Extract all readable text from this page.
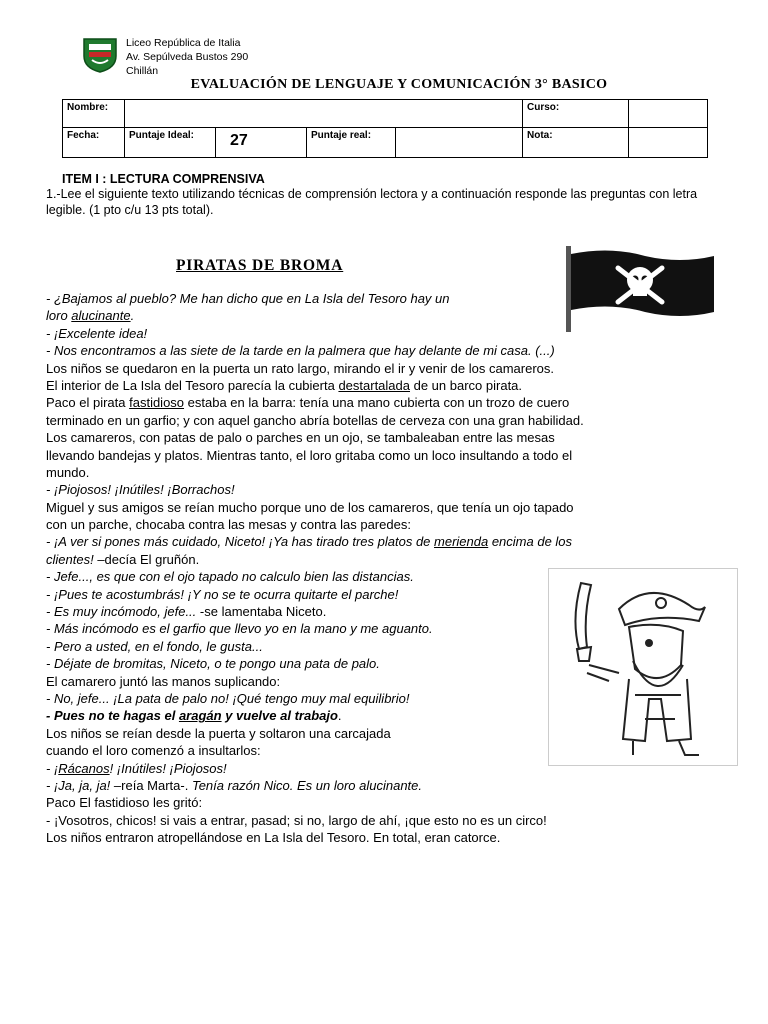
Liceo República de Italia
Av. Sepúlveda Bustos 290
Chillán
EVALUACIÓN DE LENGUAJE Y COMUNICACIÓN 3° BASICO
Nombre:					Curso:	
Fecha:	Puntaje Ideal:	27	Puntaje real:		Nota:	
ITEM I : LECTURA COMPRENSIVA
1.-Lee el siguiente texto utilizando técnicas de comprensión lectora y a continuación responde las preguntas con letra legible. (1 pto c/u 13 pts total).
PIRATAS DE BROMA
- ¿Bajamos al pueblo? Me han dicho que en La Isla del Tesoro hay un
loro alucinante.
- ¡Excelente idea!
- Nos encontramos a las siete de la tarde en la palmera que hay delante de mi casa. (...)
Los niños se quedaron en la puerta un rato largo, mirando el ir y venir de los camareros.
El interior de La Isla del Tesoro parecía la cubierta destartalada de un barco pirata.
Paco el pirata fastidioso estaba en la barra: tenía una mano cubierta con un trozo de cuero
terminado en un garfio; y con aquel gancho abría botellas de cerveza con una gran habilidad.
Los camareros, con patas de palo o parches en un ojo, se tambaleaban entre las mesas
llevando bandejas y platos. Mientras tanto, el loro gritaba como un loco insultando a todo el
mundo.
- ¡Piojosos! ¡Inútiles! ¡Borrachos!
Miguel y sus amigos se reían mucho porque uno de los camareros, que tenía un ojo tapado
con un parche, chocaba contra las mesas y contra las paredes:
- ¡A ver si pones más cuidado, Niceto! ¡Ya has tirado tres platos de merienda encima de los
clientes! –decía El gruñón.
- Jefe..., es que con el ojo tapado no calculo bien las distancias.
- ¡Pues te acostumbrás! ¡Y no se te ocurra quitarte el parche!
- Es muy incómodo, jefe... -se lamentaba Niceto.
- Más incómodo es el garfio que llevo yo en la mano y me aguanto.
- Pero a usted, en el fondo, le gusta...
- Déjate de bromitas, Niceto, o te pongo una pata de palo.
El camarero juntó las manos suplicando:
- No, jefe... ¡La pata de palo no! ¡Qué tengo muy mal equilibrio!
- Pues no te hagas el aragán y vuelve al trabajo.
Los niños se reían desde la puerta y soltaron una carcajada
cuando el loro comenzó a insultarlos:
- ¡Rácanos! ¡Inútiles! ¡Piojosos!
- ¡Ja, ja, ja! –reía Marta-. Tenía razón Nico. Es un loro alucinante.
Paco El fastidioso les gritó:
- ¡Vosotros, chicos! si vais a entrar, pasad; si no, largo de ahí, ¡que esto no es un circo!
Los niños entraron atropellándose en La Isla del Tesoro. En total, eran catorce.
